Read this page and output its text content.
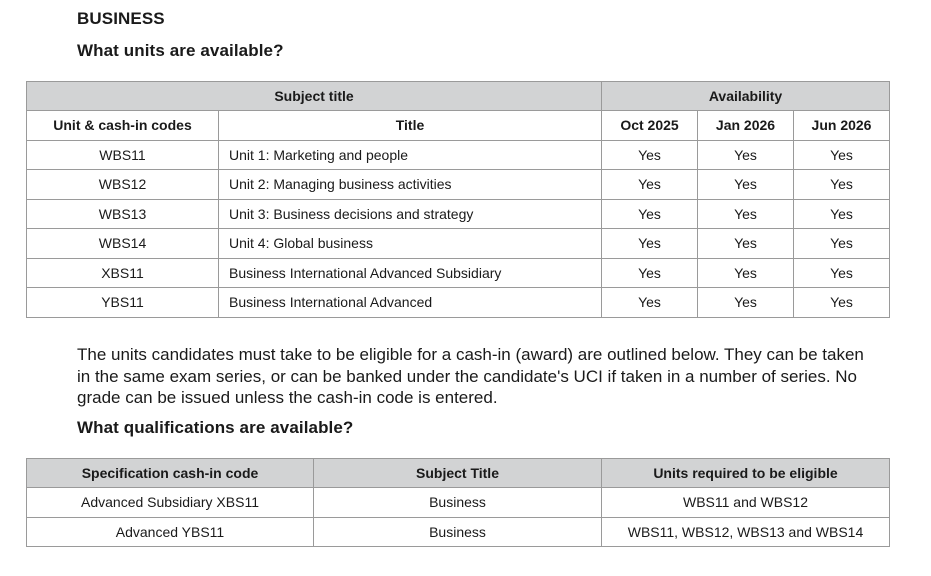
BUSINESS
What units are available?
Subject title		Availability		
Unit & cash-in codes	Title	Oct 2025	Jan 2026	Jun 2026
WBS11	Unit 1: Marketing and people	Yes	Yes	Yes
WBS12	Unit 2: Managing business activities	Yes	Yes	Yes
WBS13	Unit 3: Business decisions and strategy	Yes	Yes	Yes
WBS14	Unit 4: Global business	Yes	Yes	Yes
XBS11	Business International Advanced Subsidiary	Yes	Yes	Yes
YBS11	Business International Advanced	Yes	Yes	Yes

The units candidates must take to be eligible for a cash-in (award) are outlined below. They can be taken in the same exam series, or can be banked under the candidate's UCI if taken in a number of series. No grade can be issued unless the cash-in code is entered.

What qualifications are available?
Specification cash-in code	Subject Title	Units required to be eligible
Advanced Subsidiary XBS11	Business	WBS11 and WBS12
Advanced YBS11	Business	WBS11, WBS12, WBS13 and WBS14
